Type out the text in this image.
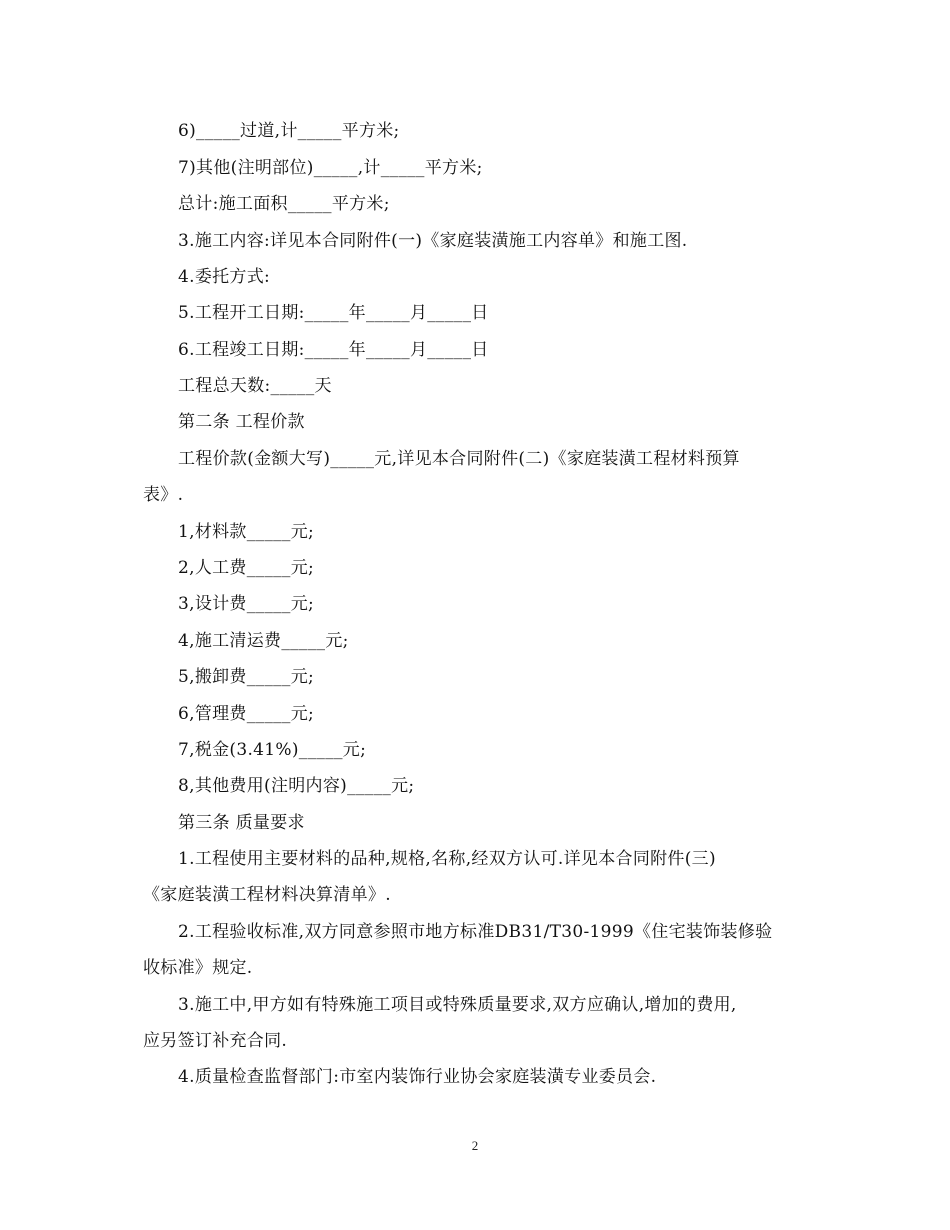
6)_____过道,计_____平方米;
7)其他(注明部位)_____,计_____平方米;
总计:施工面积_____平方米;
3.施工内容:详见本合同附件(一)《家庭装潢施工内容单》和施工图.
4.委托方式:
5.工程开工日期:_____年_____月_____日
6.工程竣工日期:_____年_____月_____日
工程总天数:_____天
第二条 工程价款
工程价款(金额大写)_____元,详见本合同附件(二)《家庭装潢工程材料预算
表》.
1,材料款_____元;
2,人工费_____元;
3,设计费_____元;
4,施工清运费_____元;
5,搬卸费_____元;
6,管理费_____元;
7,税金(3.41%)_____元;
8,其他费用(注明内容)_____元;
第三条 质量要求
1.工程使用主要材料的品种,规格,名称,经双方认可.详见本合同附件(三)
《家庭装潢工程材料决算清单》.
2.工程验收标准,双方同意参照市地方标准DB31/T30-1999《住宅装饰装修验
收标准》规定.
3.施工中,甲方如有特殊施工项目或特殊质量要求,双方应确认,增加的费用,
应另签订补充合同.
4.质量检查监督部门:市室内装饰行业协会家庭装潢专业委员会.
2
